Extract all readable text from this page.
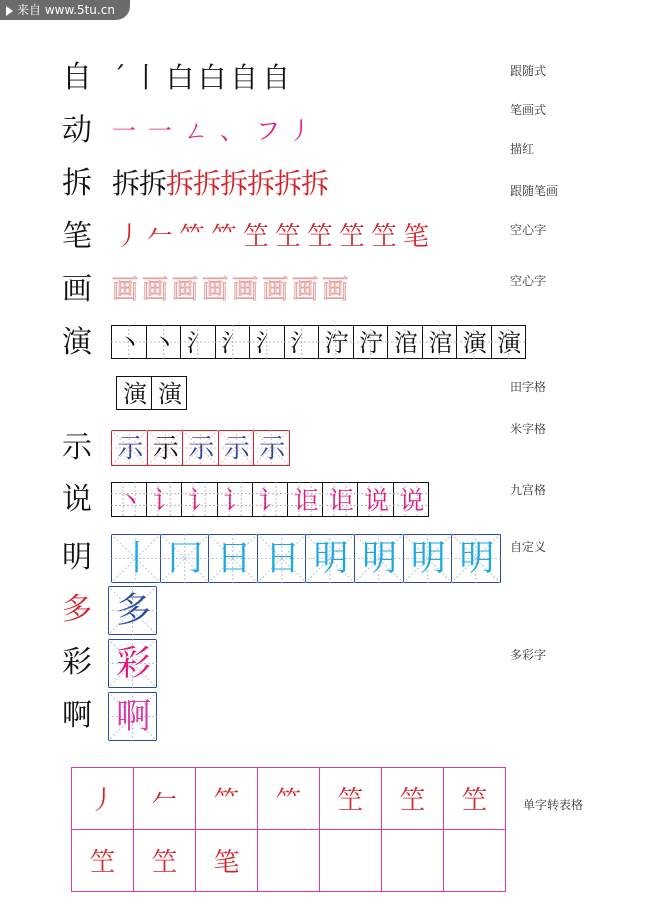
来自 www.5tu.cn
自 ˊ 丨 白 白 自 自	跟随式
动 一 一 ㄥ 、 フ 丿
笔画式
拆 拆拆拆拆拆拆拆拆
描红
笔 丿 𠂉 ⺮ ⺮ 笁 笁 笁 笁 笁 笔
跟随笔画
画 画 画 画 画 画 画 画 画
空心字
空心字
演 丶 丶 氵 氵 氵 氵 泞 泞 涫 涫 演 演
演 演	田字格
示 示 示 示 示 示
米字格
说 丶 讠 讠 讠 讠 讵 讵 说 说	九宫格
明 丨 冂 日 日 明 明 明 明	自定义
多
彩
啊
多
彩
啊
多彩字
丿	𠂉	⺮	⺮	笁	笁	笁
笁	笁	笔				
单字转表格
